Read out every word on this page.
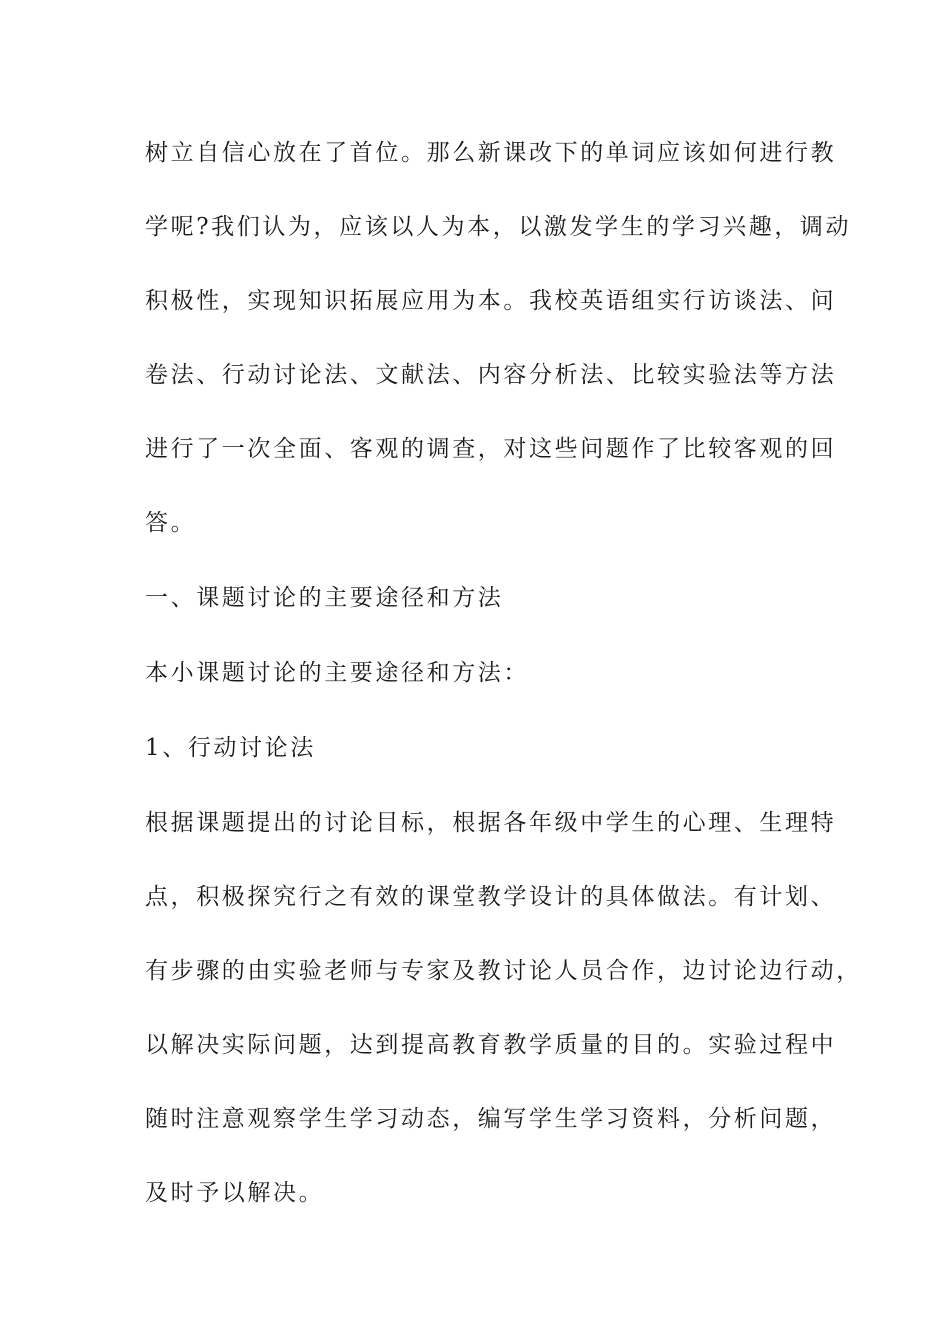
树立自信心放在了首位。那么新课改下的单词应该如何进行教
学呢?我们认为，应该以人为本，以激发学生的学习兴趣，调动
积极性，实现知识拓展应用为本。我校英语组实行访谈法、问
卷法、行动讨论法、文献法、内容分析法、比较实验法等方法
进行了一次全面、客观的调查，对这些问题作了比较客观的回
答。
一、课题讨论的主要途径和方法
本小课题讨论的主要途径和方法：
1、行动讨论法
根据课题提出的讨论目标，根据各年级中学生的心理、生理特
点，积极探究行之有效的课堂教学设计的具体做法。有计划、
有步骤的由实验老师与专家及教讨论人员合作，边讨论边行动，
以解决实际问题，达到提高教育教学质量的目的。实验过程中
随时注意观察学生学习动态，编写学生学习资料，分析问题，
及时予以解决。
